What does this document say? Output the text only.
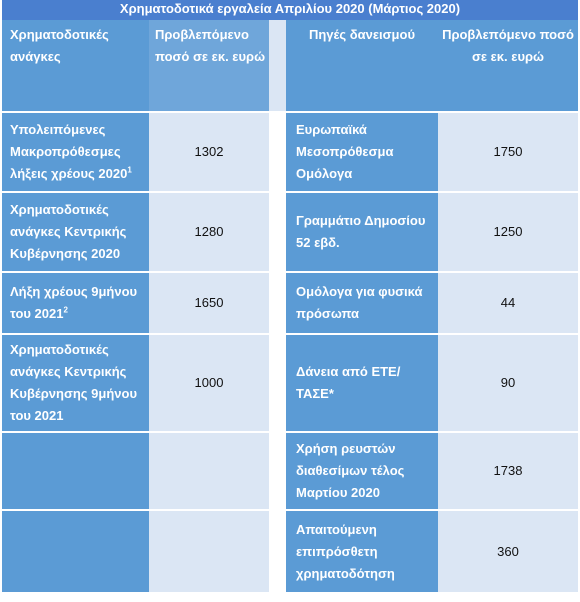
Χρηματοδοτικά εργαλεία Απριλίου 2020 (Μάρτιος 2020)
Χρηματοδοτικές ανάγκες	Προβλεπόμενο ποσό σε εκ. ευρώ		Πηγές δανεισμού	Προβλεπόμενο ποσό σε εκ. ευρώ
Υπολειπόμενες Μακροπρόθεσμες λήξεις χρέους 2020$^1$	1302		Ευρωπαϊκά Μεσοπρόθεσμα Ομόλογα	1750
Χρηματοδοτικές ανάγκες Κεντρικής Κυβέρνησης 2020	1280		Γραμμάτιο Δημοσίου 52 εβδ.	1250
Λήξη χρέους 9μήνου του 2021$^2$	1650		Ομόλογα για φυσικά πρόσωπα	44
Χρηματοδοτικές ανάγκες Κεντρικής Κυβέρνησης 9μήνου του 2021	1000		Δάνεια από ΕΤΕ/ΤΑΣΕ*	90
			Χρήση ρευστών διαθεσίμων τέλος Μαρτίου 2020	1738
			Απαιτούμενη επιπρόσθετη χρηματοδότηση	360
